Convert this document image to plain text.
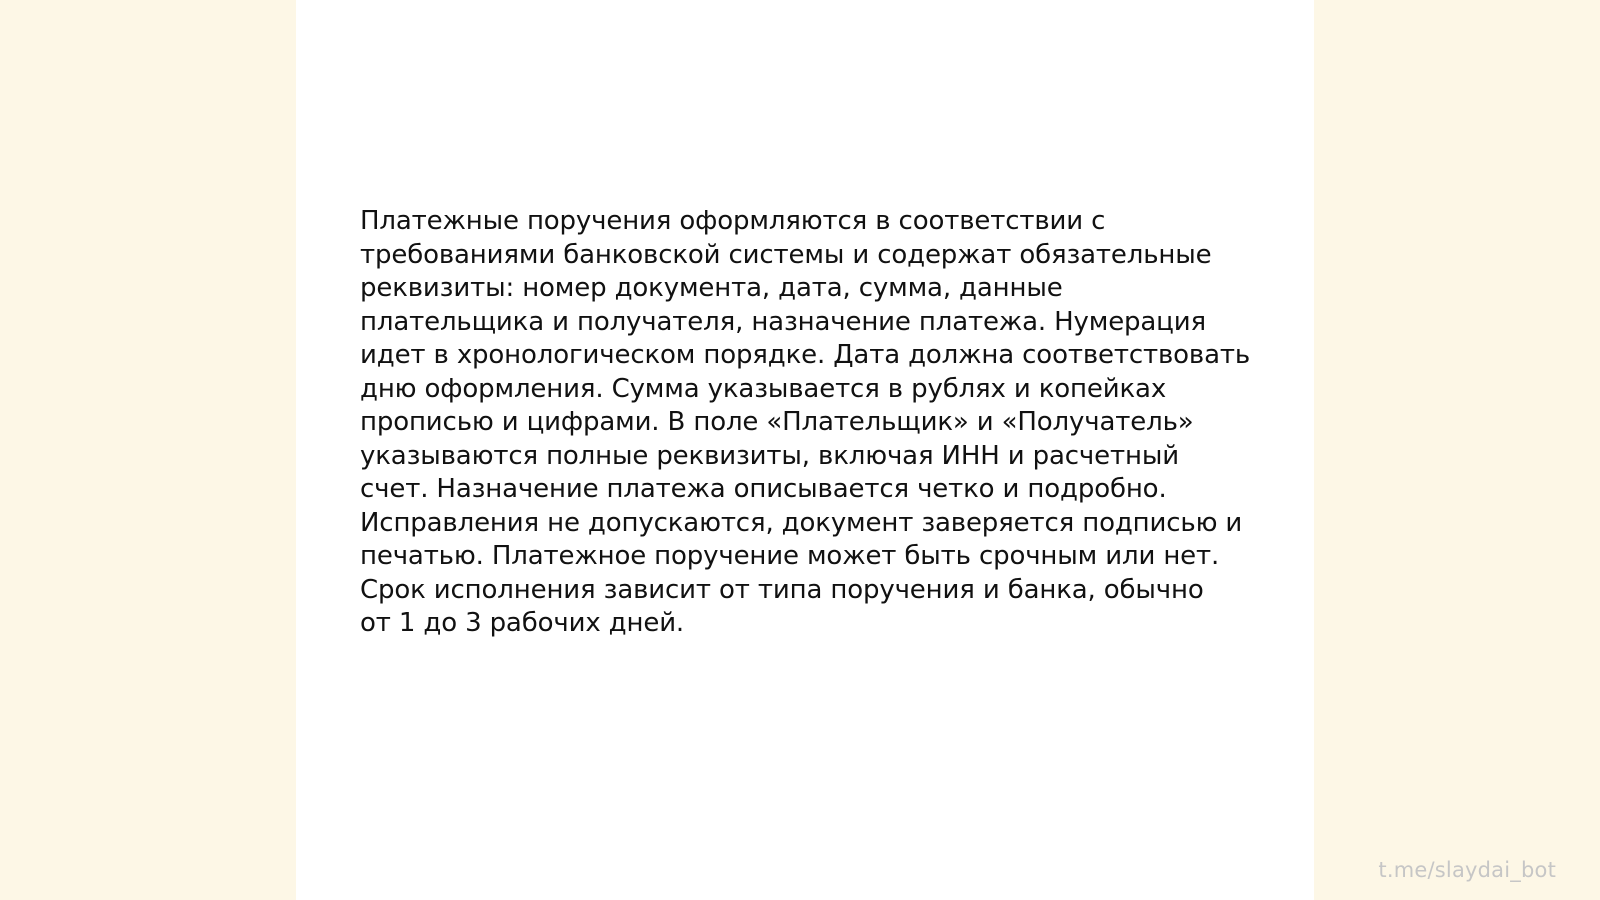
Платежные поручения оформляются в соответствии с
требованиями банковской системы и содержат обязательные
реквизиты: номер документа, дата, сумма, данные
плательщика и получателя, назначение платежа. Нумерация
идет в хронологическом порядке. Дата должна соответствовать
дню оформления. Сумма указывается в рублях и копейках
прописью и цифрами. В поле «Плательщик» и «Получатель»
указываются полные реквизиты, включая ИНН и расчетный
счет. Назначение платежа описывается четко и подробно.
Исправления не допускаются, документ заверяется подписью и
печатью. Платежное поручение может быть срочным или нет.
Срок исполнения зависит от типа поручения и банка, обычно
от 1 до 3 рабочих дней.

t.me/slaydai_bot
